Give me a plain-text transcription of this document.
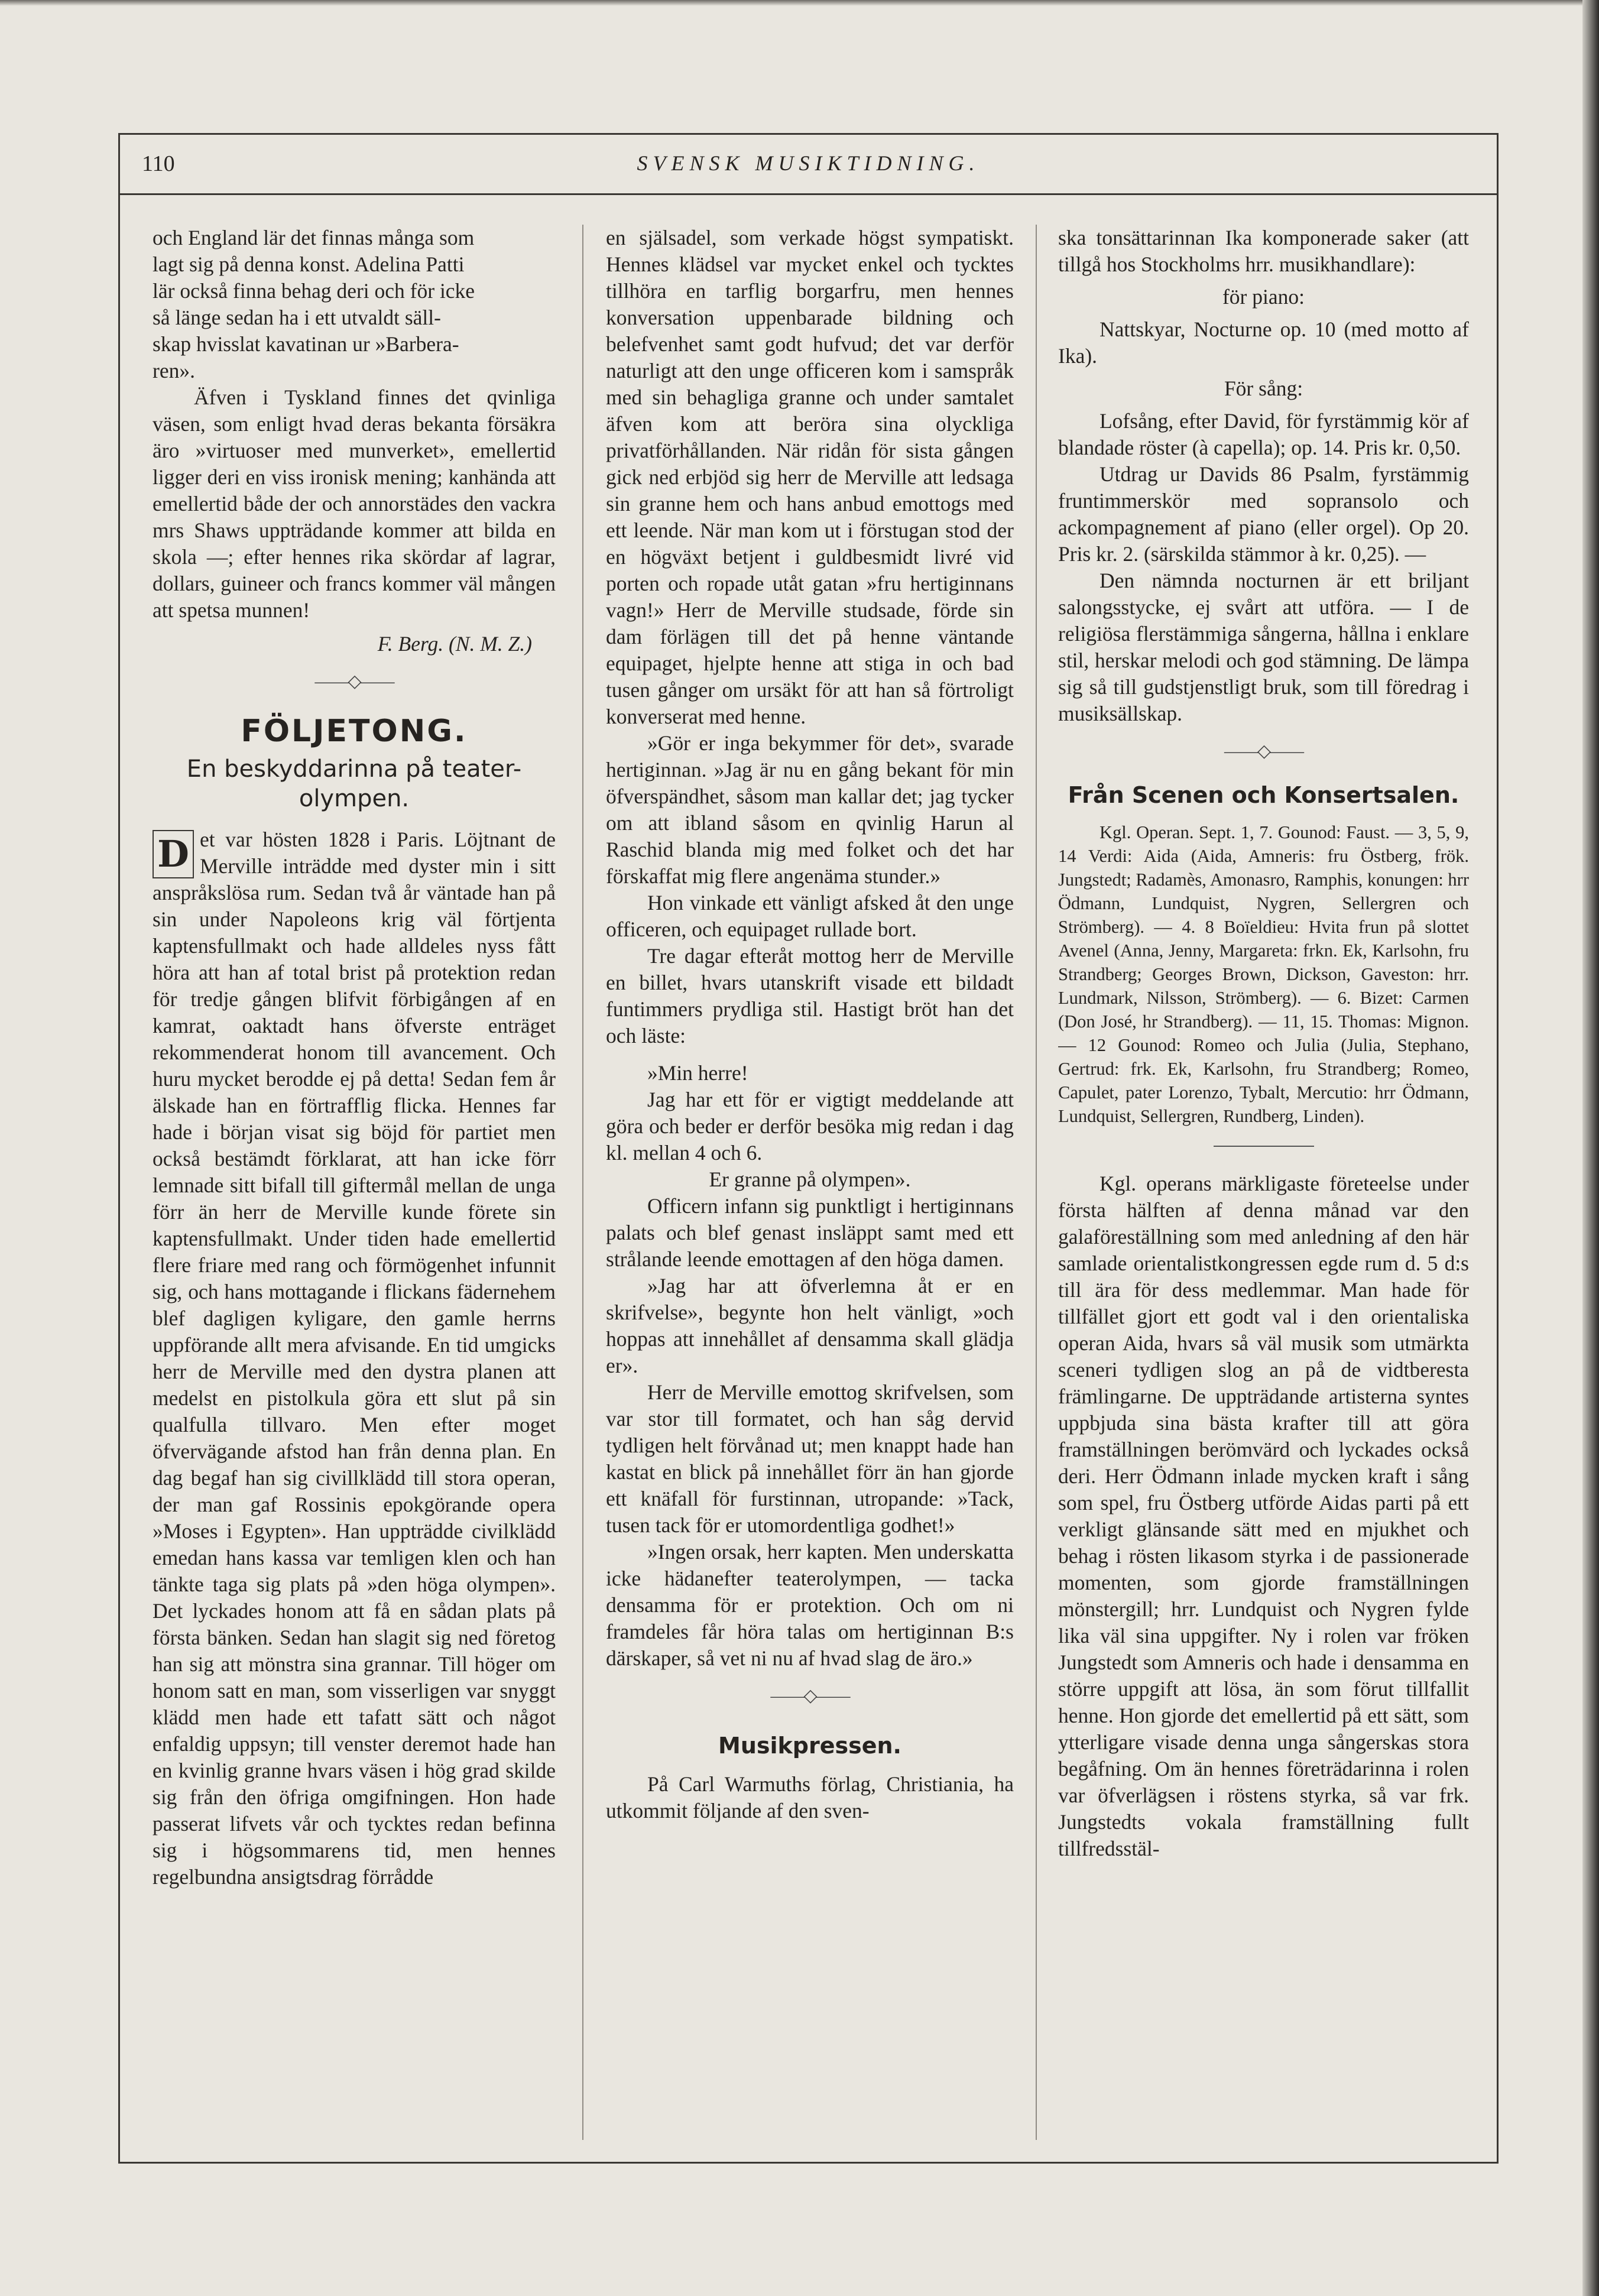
110	SVENSK MUSIKTIDNING.

och England lär det finnas många som

lagt sig på denna konst. Adelina Patti

lär också finna behag deri och för icke

så länge sedan ha i ett utvaldt säll-

skap hvisslat kavatinan ur »Barbera-

ren».

Äfven i Tyskland finnes det qvinliga väsen, som enligt hvad deras bekanta försäkra äro »virtuoser med munverket», emellertid ligger deri en viss ironisk mening; kanhända att emellertid både der och annorstädes den vackra mrs Shaws uppträdande kommer att bilda en skola —; efter hennes rika skördar af lagrar, dollars, guineer och francs kommer väl mången att spetsa munnen!

F. Berg. (N. M. Z.)

——◇——
FÖLJETONG.
En beskyddarinna på teater-olympen.

D et var hösten 1828 i Paris. Löjtnant de Merville inträdde med dyster min i sitt anspråkslösa rum. Sedan två år väntade han på sin under Napoleons krig väl förtjenta kaptensfullmakt och hade alldeles nyss fått höra att han af total brist på protektion redan för tredje gången blifvit förbigången af en kamrat, oaktadt hans öfverste enträget rekommenderat honom till avancement. Och huru mycket berodde ej på detta! Sedan fem år älskade han en förtrafflig flicka. Hennes far hade i början visat sig böjd för partiet men också bestämdt förklarat, att han icke förr lemnade sitt bifall till giftermål mellan de unga förr än herr de Merville kunde förete sin kaptensfullmakt. Under tiden hade emellertid flere friare med rang och förmögenhet infunnit sig, och hans mottagande i flickans fädernehem blef dagligen kyligare, den gamle herrns uppförande allt mera afvisande. En tid umgicks herr de Merville med den dystra planen att medelst en pistolkula göra ett slut på sin qualfulla tillvaro. Men efter moget öfvervägande afstod han från denna plan. En dag begaf han sig civillklädd till stora operan, der man gaf Rossinis epokgörande opera »Moses i Egypten». Han uppträdde civilklädd emedan hans kassa var temligen klen och han tänkte taga sig plats på »den höga olympen». Det lyckades honom att få en sådan plats på första bänken. Sedan han slagit sig ned företog han sig att mönstra sina grannar. Till höger om honom satt en man, som visserligen var snyggt klädd men hade ett tafatt sätt och något enfaldig uppsyn; till venster deremot hade han en kvinlig granne hvars väsen i hög grad skilde sig från den öfriga omgifningen. Hon hade passerat lifvets vår och tycktes redan befinna sig i högsommarens tid, men hennes regelbundna ansigtsdrag förrådde

en själsadel, som verkade högst sympatiskt. Hennes klädsel var mycket enkel och tycktes tillhöra en tarflig borgarfru, men hennes konversation uppenbarade bildning och belefvenhet samt godt hufvud; det var derför naturligt att den unge officeren kom i samspråk med sin behagliga granne och under samtalet äfven kom att beröra sina olyckliga privatförhållanden. När ridån för sista gången gick ned erbjöd sig herr de Merville att ledsaga sin granne hem och hans anbud emottogs med ett leende. När man kom ut i förstugan stod der en högväxt betjent i guldbesmidt livré vid porten och ropade utåt gatan »fru hertiginnans vagn!» Herr de Merville studsade, förde sin dam förlägen till det på henne väntande equipaget, hjelpte henne att stiga in och bad tusen gånger om ursäkt för att han så förtroligt konverserat med henne.

»Gör er inga bekymmer för det», svarade hertiginnan. »Jag är nu en gång bekant för min öfverspändhet, såsom man kallar det; jag tycker om att ibland såsom en qvinlig Harun al Raschid blanda mig med folket och det har förskaffat mig flere angenäma stunder.»

Hon vinkade ett vänligt afsked åt den unge officeren, och equipaget rullade bort.

Tre dagar efteråt mottog herr de Merville en billet, hvars utanskrift visade ett bildadt funtimmers prydliga stil. Hastigt bröt han det och läste:

»Min herre!

Jag har ett för er vigtigt meddelande att göra och beder er derför besöka mig redan i dag kl. mellan 4 och 6.

Er granne på olympen».

Officern infann sig punktligt i hertiginnans palats och blef genast insläppt samt med ett strålande leende emottagen af den höga damen.

»Jag har att öfverlemna åt er en skrifvelse», begynte hon helt vänligt, »och hoppas att innehållet af densamma skall glädja er».

Herr de Merville emottog skrifvelsen, som var stor till formatet, och han såg dervid tydligen helt förvånad ut; men knappt hade han kastat en blick på innehållet förr än han gjorde ett knäfall för furstinnan, utropande: »Tack, tusen tack för er utomordentliga godhet!»

»Ingen orsak, herr kapten. Men underskatta icke hädanefter teaterolympen, — tacka densamma för er protektion. Och om ni framdeles får höra talas om hertiginnan B:s därskaper, så vet ni nu af hvad slag de äro.»

——◇——
Musikpressen.

På Carl Warmuths förlag, Christiania, ha utkommit följande af den sven-

ska tonsättarinnan Ika komponerade saker (att tillgå hos Stockholms hrr. musikhandlare):

för piano:

Nattskyar, Nocturne op. 10 (med motto af Ika).

För sång:

Lofsång, efter David, för fyrstämmig kör af blandade röster (à capella); op. 14. Pris kr. 0,50.

Utdrag ur Davids 86 Psalm, fyrstämmig fruntimmerskör med sopransolo och ackompagnement af piano (eller orgel). Op 20. Pris kr. 2. (särskilda stämmor à kr. 0,25). —

Den nämnda nocturnen är ett briljant salongsstycke, ej svårt att utföra. — I de religiösa flerstämmiga sångerna, hållna i enklare stil, herskar melodi och god stämning. De lämpa sig så till gudstjenstligt bruk, som till föredrag i musiksällskap.

——◇——
Från Scenen och Konsertsalen.

Kgl. Operan. Sept. 1, 7. Gounod: Faust. — 3, 5, 9, 14 Verdi: Aida (Aida, Amneris: fru Östberg, frök. Jungstedt; Radamès, Amonasro, Ramphis, konungen: hrr Ödmann, Lundquist, Nygren, Sellergren och Strömberg). — 4. 8 Boïeldieu: Hvita frun på slottet Avenel (Anna, Jenny, Margareta: frkn. Ek, Karlsohn, fru Strandberg; Georges Brown, Dickson, Gaveston: hrr. Lundmark, Nilsson, Strömberg). — 6. Bizet: Carmen (Don José, hr Strandberg). — 11, 15. Thomas: Mignon. — 12 Gounod: Romeo och Julia (Julia, Stephano, Gertrud: frk. Ek, Karlsohn, fru Strandberg; Romeo, Capulet, pater Lorenzo, Tybalt, Mercutio: hrr Ödmann, Lundquist, Sellergren, Rundberg, Linden).

Kgl. operans märkligaste företeelse under första hälften af denna månad var den galaföreställning som med anledning af den här samlade orientalistkongressen egde rum d. 5 d:s till ära för dess medlemmar. Man hade för tillfället gjort ett godt val i den orientaliska operan Aida, hvars så väl musik som utmärkta sceneri tydligen slog an på de vidtberesta främlingarne. De uppträdande artisterna syntes uppbjuda sina bästa krafter till att göra framställningen berömvärd och lyckades också deri. Herr Ödmann inlade mycken kraft i sång som spel, fru Östberg utförde Aidas parti på ett verkligt glänsande sätt med en mjukhet och behag i rösten likasom styrka i de passionerade momenten, som gjorde framställningen mönstergill; hrr. Lundquist och Nygren fylde lika väl sina uppgifter. Ny i rolen var fröken Jungstedt som Amneris och hade i densamma en större uppgift att lösa, än som förut tillfallit henne. Hon gjorde det emellertid på ett sätt, som ytterligare visade denna unga sångerskas stora begåfning. Om än hennes företrädarinna i rolen var öfverlägsen i röstens styrka, så var frk. Jungstedts vokala framställning fullt tillfredsstäl-
